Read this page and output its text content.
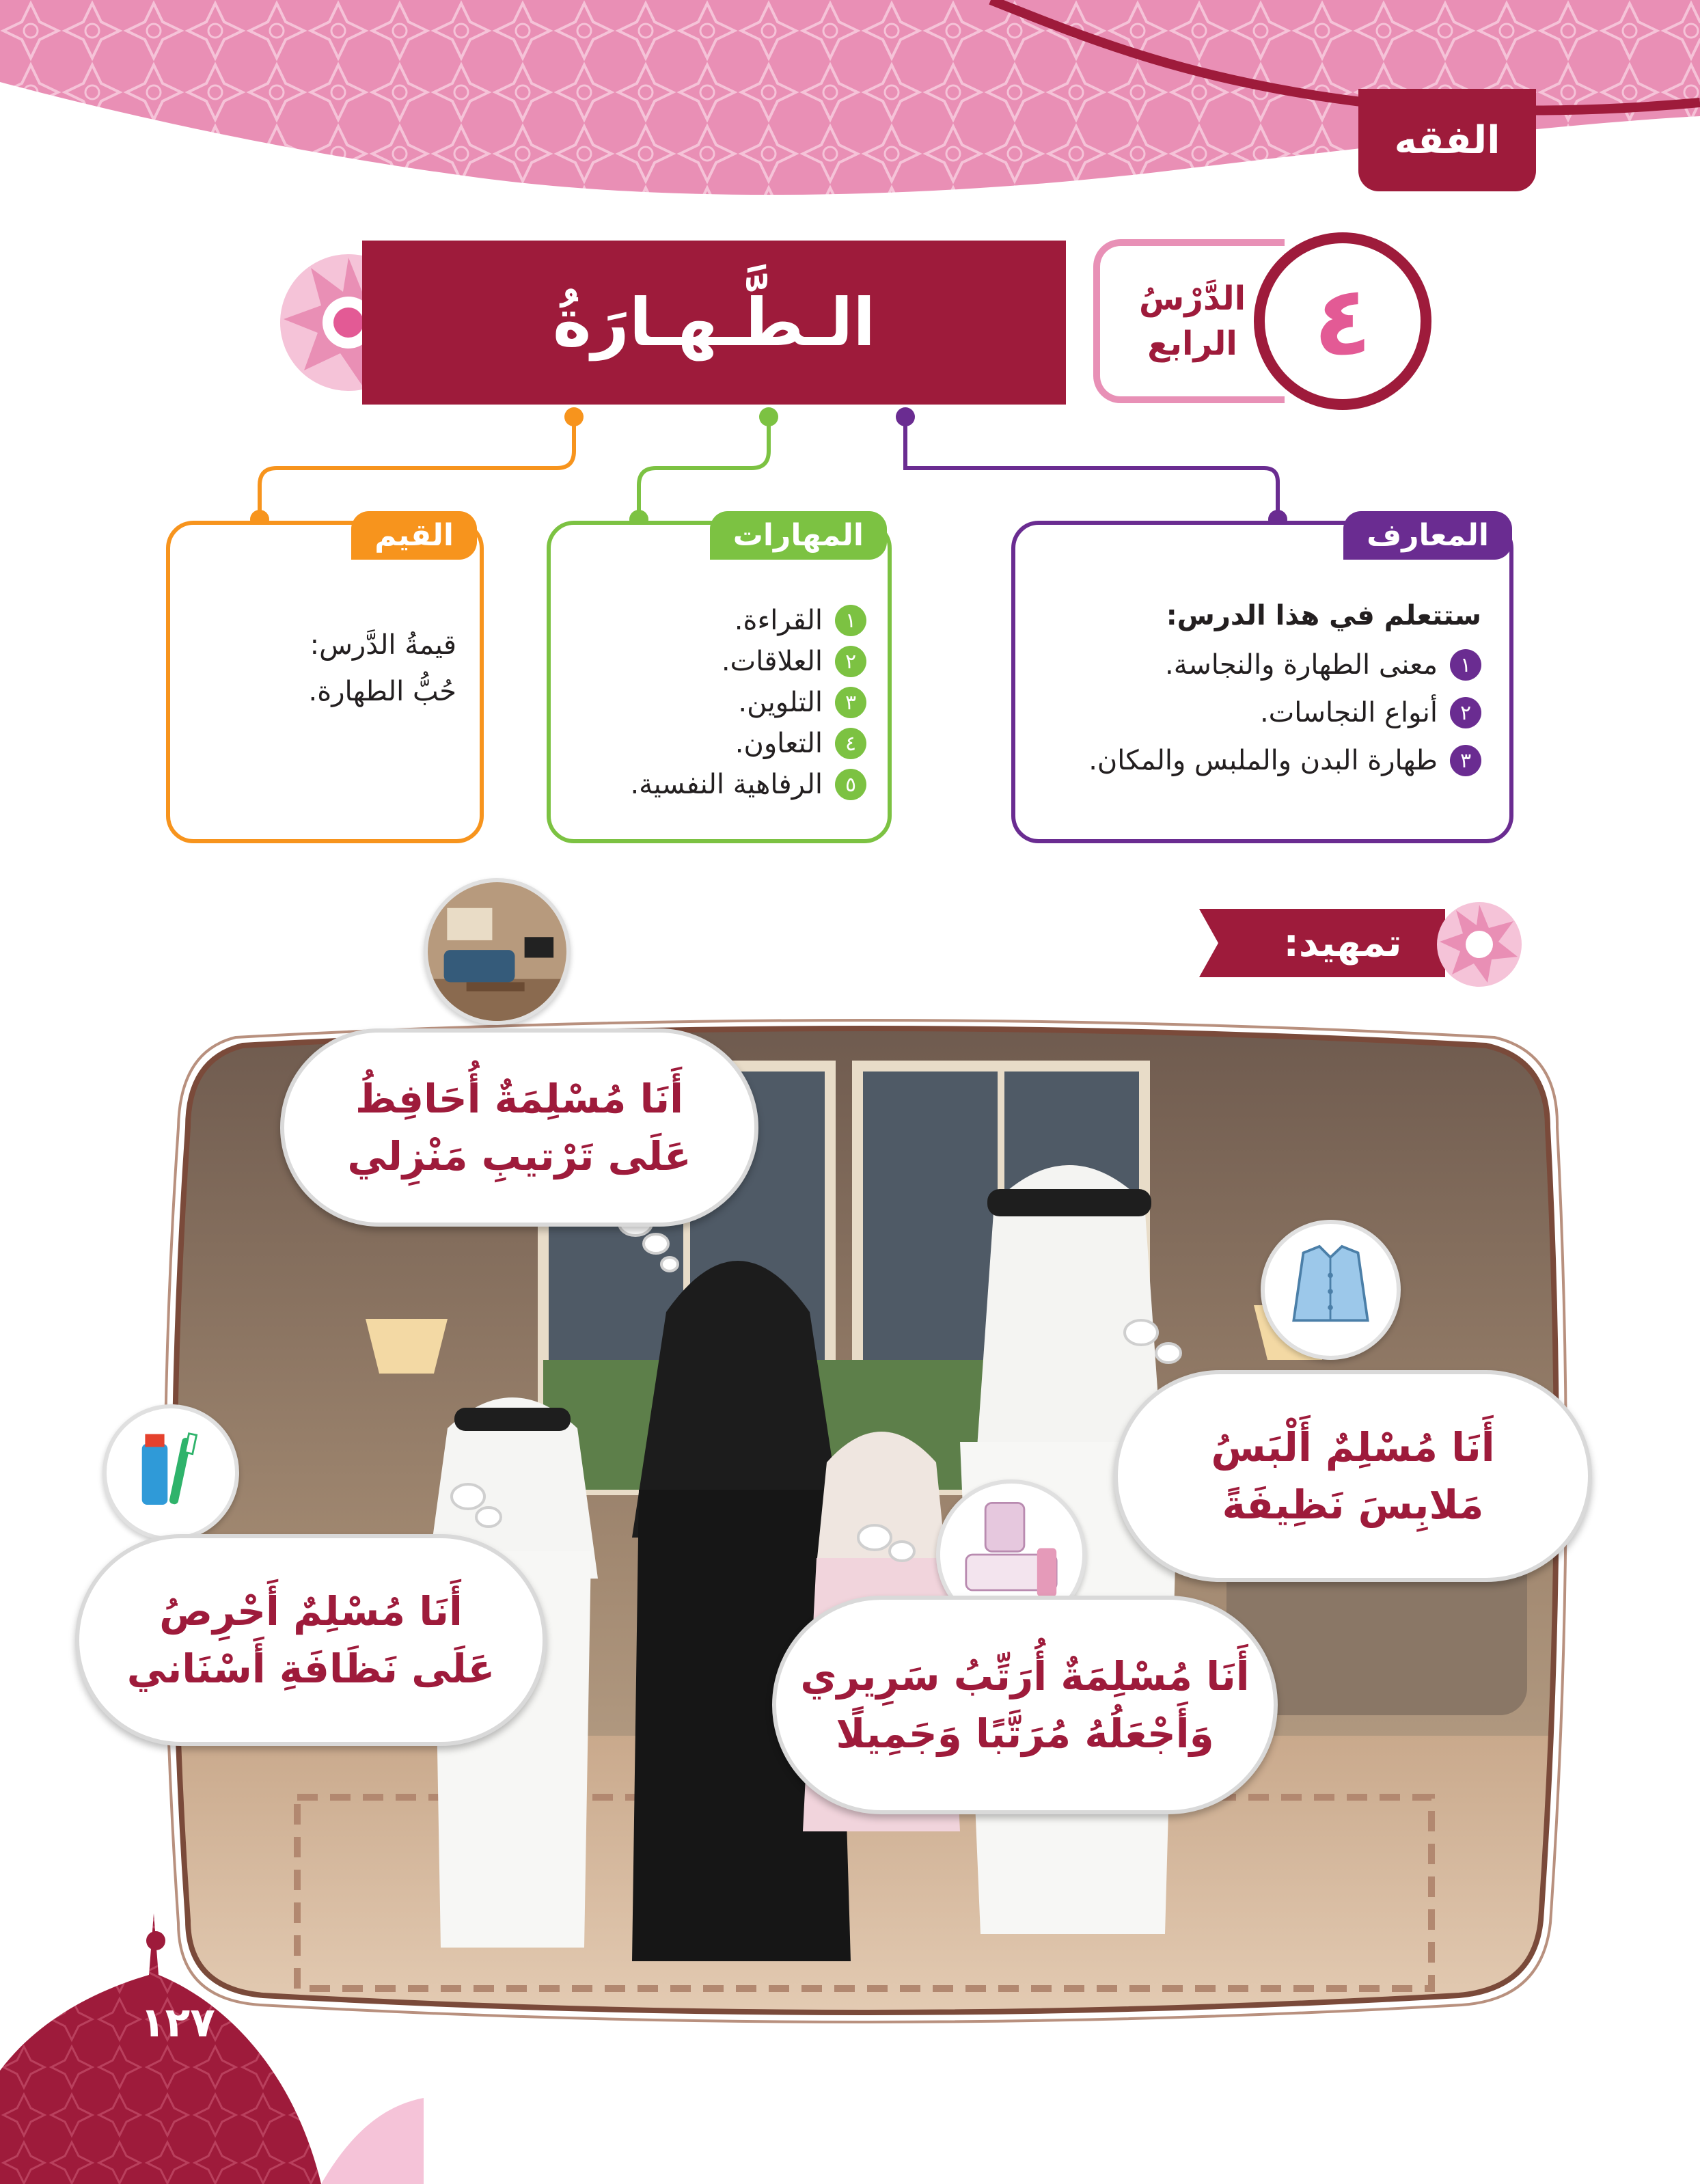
الفقه
الـطَّـهـارَةُ	الدَّرْسُ
الرابع ٤
المعارف
ستتعلم في هذا الدرس:
١
معنى الطهارة والنجاسة.
٢
أنواع النجاسات.
٣
طهارة البدن والملبس والمكان.
المهارات
١
القراءة.
٢
العلاقات.
٣
التلوين.
٤
التعاون.
٥
الرفاهية النفسية.
القيم
قيمةُ الدَّرس:
حُبُّ الطهارة.
تمهيد:
أَنَا مُسْلِمَةٌ أُحَافِظُ
عَلَى تَرْتيبِ مَنْزِلي
أَنَا مُسْلِمٌ أَلْبَسُ
مَلابِسَ نَظِيفَةً
أَنَا مُسْلِمٌ أَحْرِصُ
عَلَى نَظَافَةِ أَسْنَاني	أَنَا مُسْلِمَةٌ أُرَتِّبُ سَرِيري
وَأَجْعَلُهُ مُرَتَّبًا وَجَمِيلًا
١٢٧
